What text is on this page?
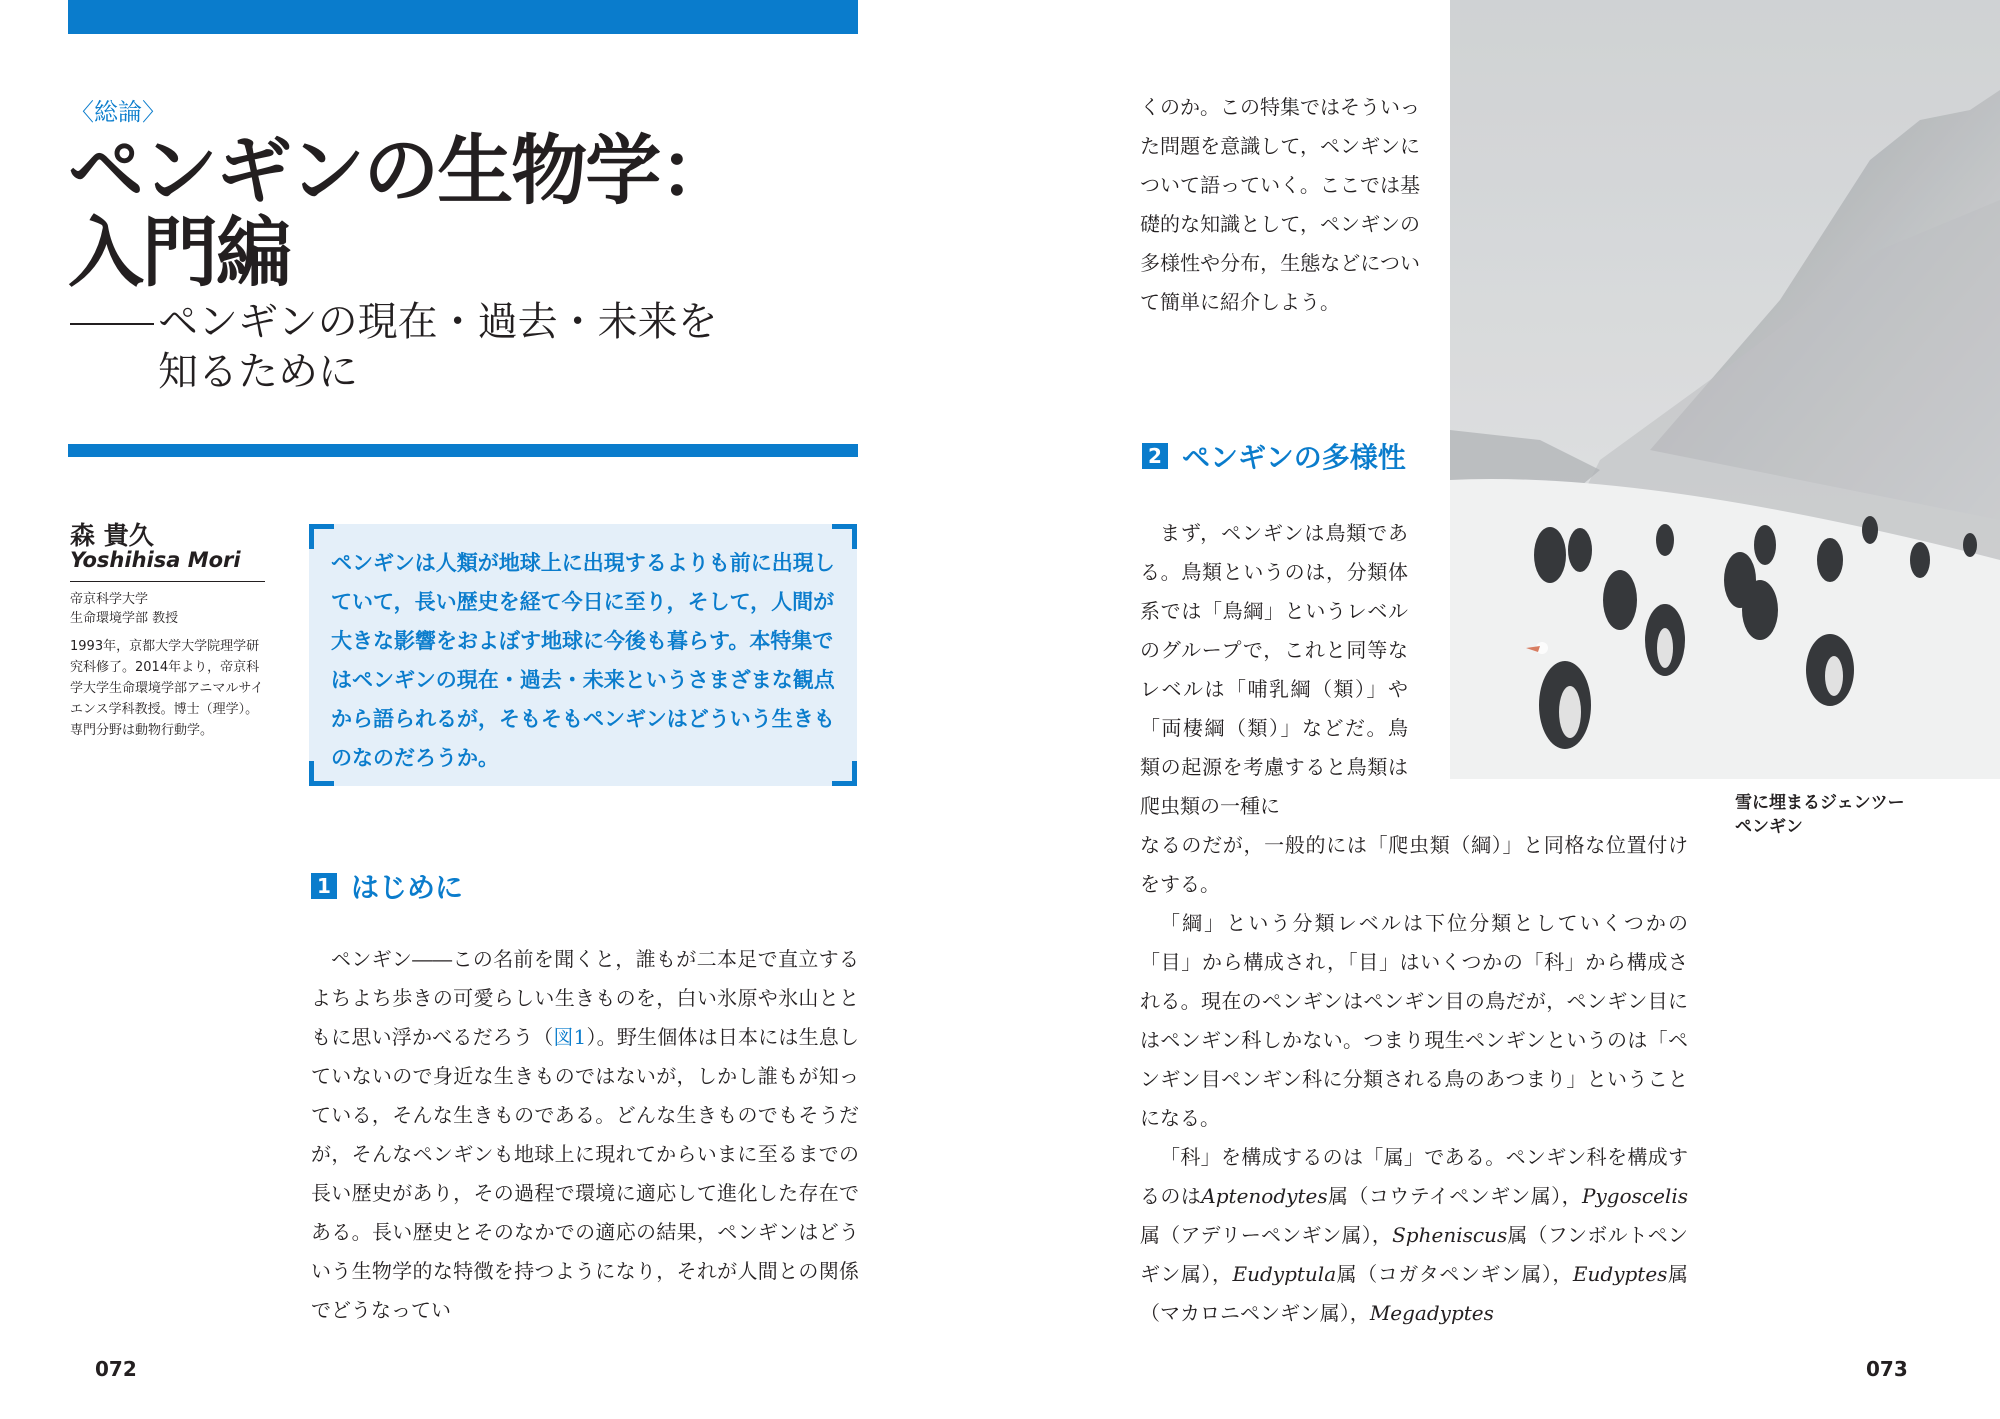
〈総論〉
ペンギンの生物学：
入門編
ペンギンの現在・過去・未来を
知るために
森 貴久
Yoshihisa Mori
帝京科学大学
生命環境学部 教授
1993年，京都大学大学院理学研究科修了。2014年より，帝京科学大学生命環境学部アニマルサイエンス学科教授。博士（理学）。専門分野は動物行動学。
ペンギンは人類が地球上に出現するよりも前に出現していて，長い歴史を経て今日に至り，そして，人間が大きな影響をおよぼす地球に今後も暮らす。本特集ではペンギンの現在・過去・未来というさまざまな観点から語られるが，そもそもペンギンはどういう生きものなのだろうか。
1 はじめに

ペンギン――この名前を聞くと，誰もが二本足で直立するよちよち歩きの可愛らしい生きものを，白い氷原や氷山とともに思い浮かべるだろう（図1）。野生個体は日本には生息していないので身近な生きものではないが，しかし誰もが知っている，そんな生きものである。どんな生きものでもそうだが，そんなペンギンも地球上に現れてからいまに至るまでの長い歴史があり，その過程で環境に適応して進化した存在である。長い歴史とそのなかでの適応の結果，ペンギンはどういう生物学的な特徴を持つようになり，それが人間との関係でどうなってい

072

くのか。この特集ではそういった問題を意識して，ペンギンについて語っていく。ここでは基礎的な知識として，ペンギンの多様性や分布，生態などについて簡単に紹介しよう。

2 ペンギンの多様性

まず，ペンギンは鳥類である。鳥類というのは，分類体系では「鳥綱」というレベルのグループで，これと同等なレベルは「哺乳綱（類）」や「両棲綱（類）」などだ。鳥類の起源を考慮すると鳥類は爬虫類の一種に

なるのだが，一般的には「爬虫類（綱）」と同格な位置付けをする。

「綱」という分類レベルは下位分類としていくつかの「目」から構成され，「目」はいくつかの「科」から構成される。現在のペンギンはペンギン目の鳥だが，ペンギン目にはペンギン科しかない。つまり現生ペンギンというのは「ペンギン目ペンギン科に分類される鳥のあつまり」ということになる。

「科」を構成するのは「属」である。ペンギン科を構成するのはAptenodytes属（コウテイペンギン属），Pygoscelis属（アデリーペンギン属），Spheniscus属（フンボルトペンギン属），Eudyptula属（コガタペンギン属），Eudyptes属（マカロニペンギン属），Megadyptes

雪に埋まるジェンツー
ペンギン
073
